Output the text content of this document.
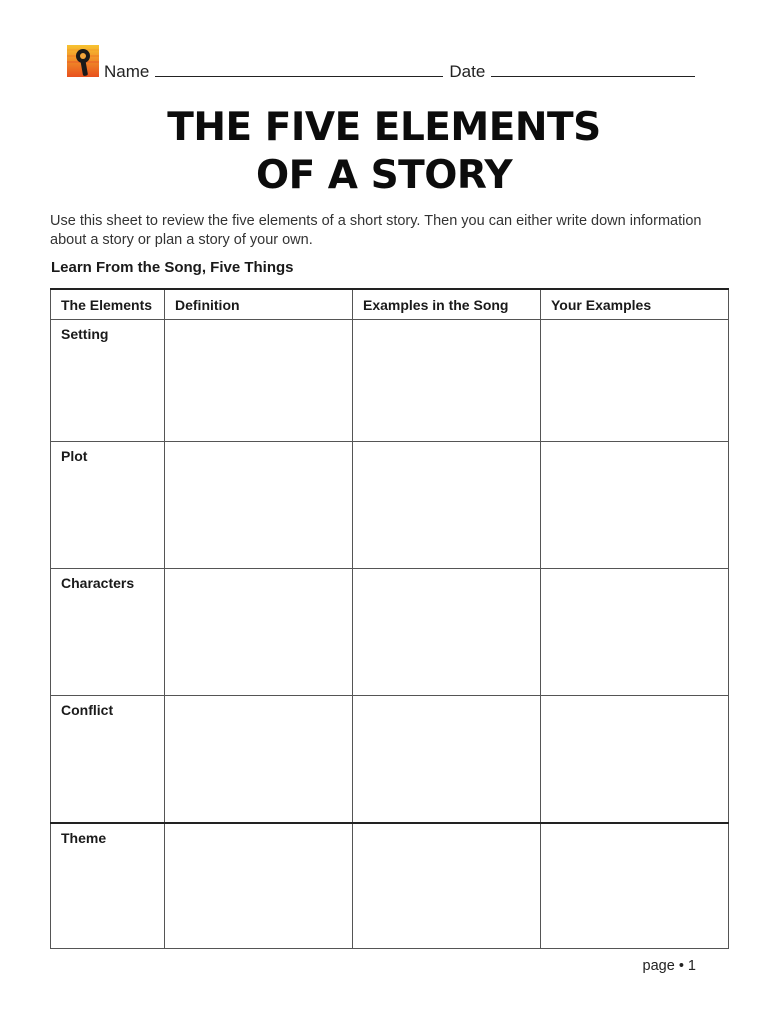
Name	Date
THE FIVE ELEMENTS
OF A STORY
Use this sheet to review the five elements of a short story. Then you can either write down information about a story or plan a story of your own.
Learn From the Song, Five Things
The Elements	Definition	Examples in the Song	Your Examples
Setting			
Plot			
Characters			
Conflict			
Theme			
page • 1
